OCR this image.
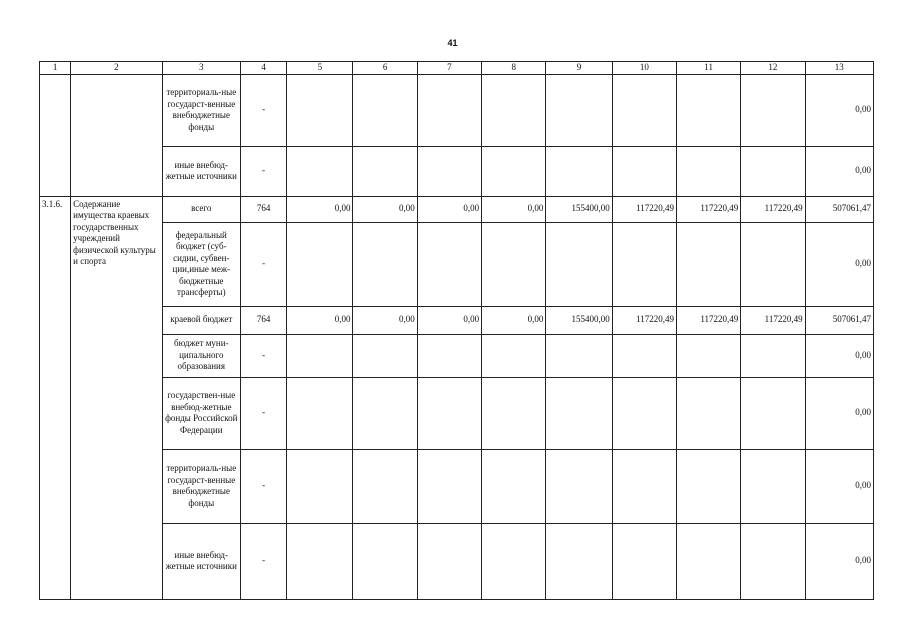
41
1	2	3	4	5	6	7	8	9	10	11	12	13
		территориаль-ные государст-венные внебюджетные фонды	-									0,00
		иные внебюд-жетные источники	-									0,00
3.1.6.	Содержание имущества краевых государственных учреждений физической культуры и спорта	всего	764	0,00	0,00	0,00	0,00	155400,00	117220,49	117220,49	117220,49	507061,47
		федеральный бюджет (суб-сидии, субвен-ции,иные меж-бюджетные трансферты)	-									0,00
		краевой бюджет	764	0,00	0,00	0,00	0,00	155400,00	117220,49	117220,49	117220,49	507061,47
		бюджет муни-ципального образования	-									0,00
		государствен-ные внебюд-жетные фонды Российской Федерации	-									0,00
		территориаль-ные государст-венные внебюджетные фонды	-									0,00
		иные внебюд-жетные источники	-									0,00
